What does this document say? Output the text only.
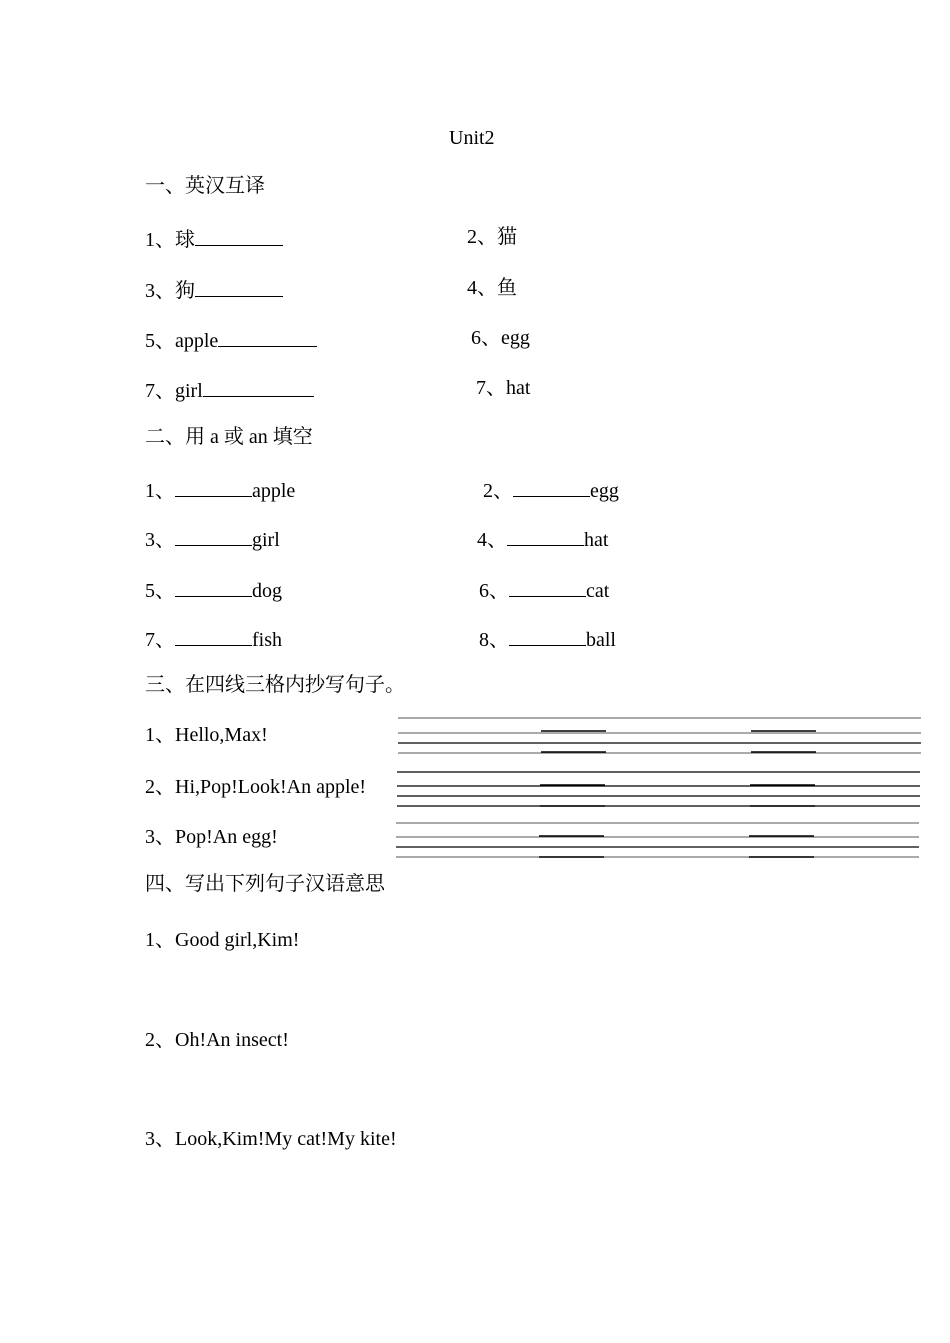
Unit2
一、英汉互译
1、球	2、猫
3、狗	4、鱼
5、apple	6、egg
7、girl	7、hat
二、用 a 或 an 填空
1、	apple	2、	egg
3、	girl	4、	hat
5、	dog	6、	cat
7、	fish	8、	ball
三、在四线三格内抄写句子。
1、Hello,Max!
2、Hi,Pop!Look!An apple!
3、Pop!An egg!
四、写出下列句子汉语意思
1、Good girl,Kim!
2、Oh!An insect!
3、Look,Kim!My cat!My kite!
